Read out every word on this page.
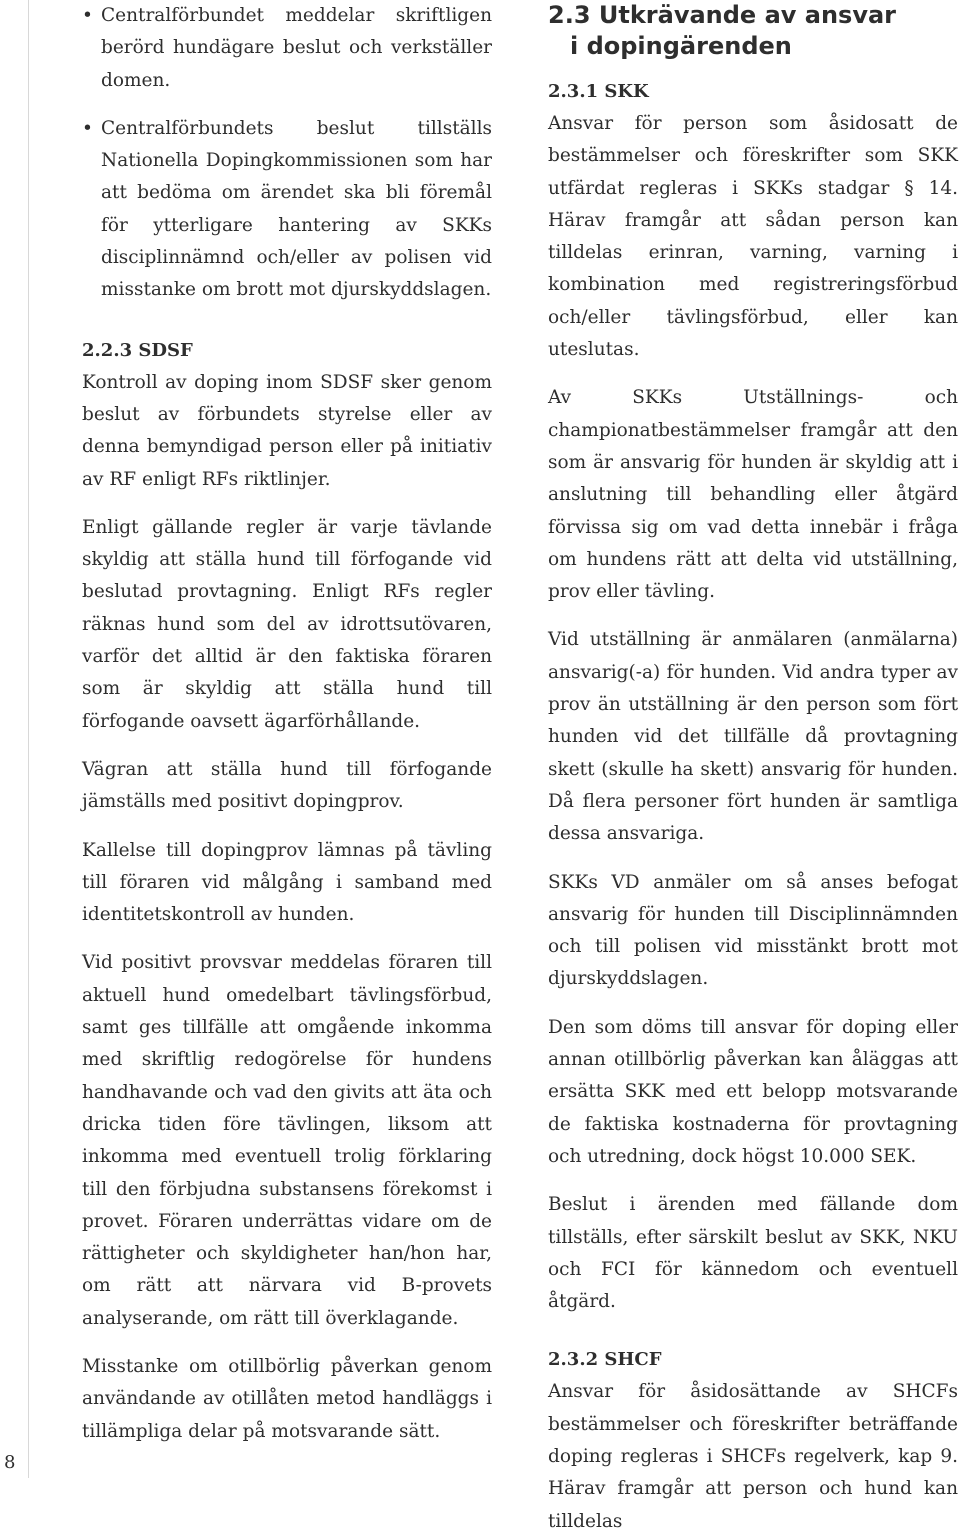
• Centralförbundet meddelar skriftligen berörd hundägare beslut och verkställer domen.
• Centralförbundets beslut tillställs Nationella Dopingkommissionen som har att bedöma om ärendet ska bli föremål för ytterligare hantering av SKKs disciplinnämnd och/eller av polisen vid misstanke om brott mot djurskyddslagen.
2.2.3 SDSF

Kontroll av doping inom SDSF sker genom beslut av förbundets styrelse eller av denna bemyndigad person eller på initiativ av RF enligt RFs riktlinjer.

Enligt gällande regler är varje tävlande skyldig att ställa hund till förfogande vid beslutad provtagning. Enligt RFs regler räknas hund som del av idrottsutövaren, varför det alltid är den faktiska föraren som är skyldig att ställa hund till förfogande oavsett ägarförhållande.

Vägran att ställa hund till förfogande jämställs med positivt dopingprov.

Kallelse till dopingprov lämnas på tävling till föraren vid målgång i samband med identitetskontroll av hunden.

Vid positivt provsvar meddelas föraren till aktuell hund omedelbart tävlingsförbud, samt ges tillfälle att omgående inkomma med skriftlig redogörelse för hundens handhavande och vad den givits att äta och dricka tiden före tävlingen, liksom att inkomma med eventuell trolig förklaring till den förbjudna substansens förekomst i provet. Föraren underrättas vidare om de rättigheter och skyldigheter han/hon har, om rätt att närvara vid B-provets analyserande, om rätt till överklagande.

Misstanke om otillbörlig påverkan genom användande av otillåten metod handläggs i tillämpliga delar på motsvarande sätt.

2.3 Utkrävande av ansvar
i dopingärenden
2.3.1 SKK

Ansvar för person som åsidosatt de bestämmelser och föreskrifter som SKK utfärdat regleras i SKKs stadgar § 14. Härav framgår att sådan person kan tilldelas erinran, varning, varning i kombination med registreringsförbud och/eller tävlingsförbud, eller kan uteslutas.

Av SKKs Utställnings- och championatbestämmelser framgår att den som är ansvarig för hunden är skyldig att i anslutning till behandling eller åtgärd förvissa sig om vad detta innebär i fråga om hundens rätt att delta vid utställning, prov eller tävling.

Vid utställning är anmälaren (anmälarna) ansvarig(-a) för hunden. Vid andra typer av prov än utställning är den person som fört hunden vid det tillfälle då provtagning skett (skulle ha skett) ansvarig för hunden. Då flera personer fört hunden är samtliga dessa ansvariga.

SKKs VD anmäler om så anses befogat ansvarig för hunden till Disciplinnämnden och till polisen vid misstänkt brott mot djurskyddslagen.

Den som döms till ansvar för doping eller annan otillbörlig påverkan kan åläggas att ersätta SKK med ett belopp motsvarande de faktiska kostnaderna för provtagning och utredning, dock högst 10.000 SEK.

Beslut i ärenden med fällande dom tillställs, efter särskilt beslut av SKK, NKU och FCI för kännedom och eventuell åtgärd.

2.3.2 SHCF

Ansvar för åsidosättande av SHCFs bestämmelser och föreskrifter beträffande doping regleras i SHCFs regelverk, kap 9. Härav framgår att person och hund kan tilldelas

8
